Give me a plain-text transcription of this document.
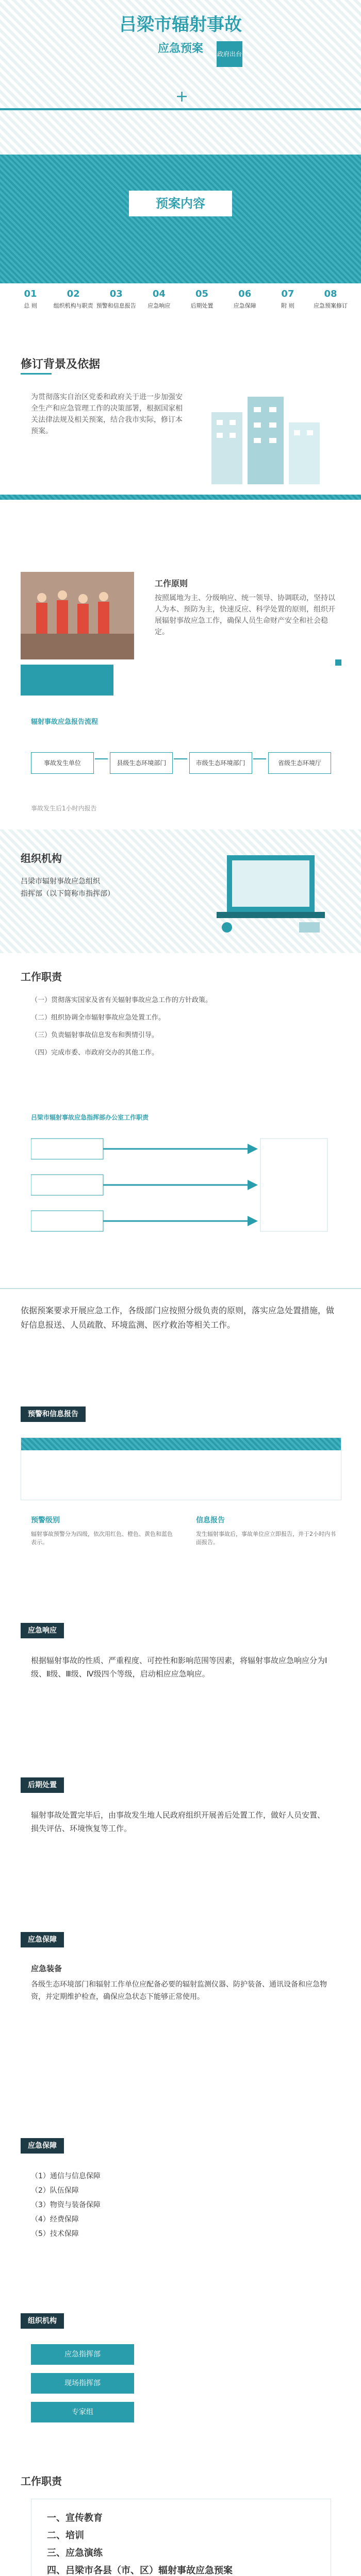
吕梁市辐射事故
应急预案	政府出台
+
预案内容
01
总 则
02
组织机构与职责
03
预警和信息报告
04
应急响应
05
后期处置
06
应急保障
07
附 则
08
应急预案修订
修订背景及依据
为贯彻落实自治区党委和政府关于进一步加强安全生产和应急管理工作的决策部署，根据国家相关法律法规及相关预案，结合我市实际，修订本预案。
工作原则
按照属地为主、分级响应、统一领导、协调联动，坚持以人为本、预防为主，快速反应、科学处置的原则，组织开展辐射事故应急工作，确保人员生命财产安全和社会稳定。
辐射事故应急报告流程
事故发生单位	县级生态环境部门	市级生态环境部门	省级生态环境厅
事故发生后1小时内报告
组织机构
吕梁市辐射事故应急组织
指挥部（以下简称市指挥部）
工作职责
（一）贯彻落实国家及省有关辐射事故应急工作的方针政策。
（二）组织协调全市辐射事故应急处置工作。
（三）负责辐射事故信息发布和舆情引导。
（四）完成市委、市政府交办的其他工作。
吕梁市辐射事故应急指挥部办公室工作职责
依据预案要求开展应急工作，各级部门应按照分级负责的原则，落实应急处置措施，做好信息报送、人员疏散、环境监测、医疗救治等相关工作。
预警和信息报告
预警级别	信息报告
辐射事故预警分为四级，依次用红色、橙色、黄色和蓝色表示。
发生辐射事故后，事故单位应立即报告，并于2小时内书面报告。
应急响应
根据辐射事故的性质、严重程度、可控性和影响范围等因素，将辐射事故应急响应分为Ⅰ级、Ⅱ级、Ⅲ级、Ⅳ级四个等级，启动相应应急响应。
后期处置
辐射事故处置完毕后，由事故发生地人民政府组织开展善后处置工作，做好人员安置、损失评估、环境恢复等工作。
应急保障
应急装备
各级生态环境部门和辐射工作单位应配备必要的辐射监测仪器、防护装备、通讯设备和应急物资，并定期维护检查，确保应急状态下能够正常使用。
应急保障
（1）通信与信息保障
（2）队伍保障
（3）物资与装备保障
（4）经费保障
（5）技术保障
组织机构
应急指挥部
现场指挥部
专家组
工作职责
一、宣传教育
二、培训
三、应急演练
四、吕梁市各县（市、区）辐射事故应急预案
